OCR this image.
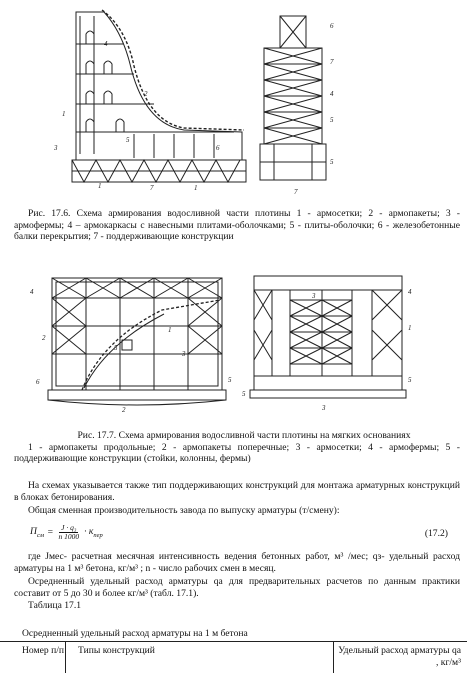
1
2
3
4
5
6
7
1	1
6
7
4
5
5
7
Рис. 17.6. Схема армирования водосливной части плотины 1 - армосетки; 2 - армопакеты; 3 - армофермы; 4 – армокаркасы с навесными плитами-оболочками; 5 - плиты-оболочки; 6 - железобетонные балки перекрытия; 7 - поддерживающие конструкции
4
2
5
3
1
6	5
2
5
3	4
1
5
3
Рис. 17.7. Схема армирования водосливной части плотины на мягких основаниях
1 - армопакеты продольные; 2 - армопакеты поперечные; 3 - армосетки; 4 - армофермы; 5 - поддерживающие конструкции (стойки, колонны, фермы)
На схемах указывается также тип поддерживающих конструкций для монтажа арматурных конструкций в блоках бетонирования.
Общая сменная производительность завода по выпуску арматуры (т/смену):
$П_{см} = \frac{\text{J · q₃}}{n 1000} \cdot к_{пер}$	(17.2)
где Јмес- расчетная месячная интенсивность ведения бетонных работ, м³ /мес; qз- удельный расход арматуры на 1 м³ бетона, кг/м³ ; n - число рабочих смен в месяц.
Осредненный удельный расход арматуры qа для предварительных расчетов по данным практики составит от 5 до 30 и более кг/м³ (табл. 17.1).
Таблица 17.1
Осредненный удельный расход арматуры на 1 м бетона
Номер п/п	Типы конструкций	Удельный расход арматуры qа , кг/м³
